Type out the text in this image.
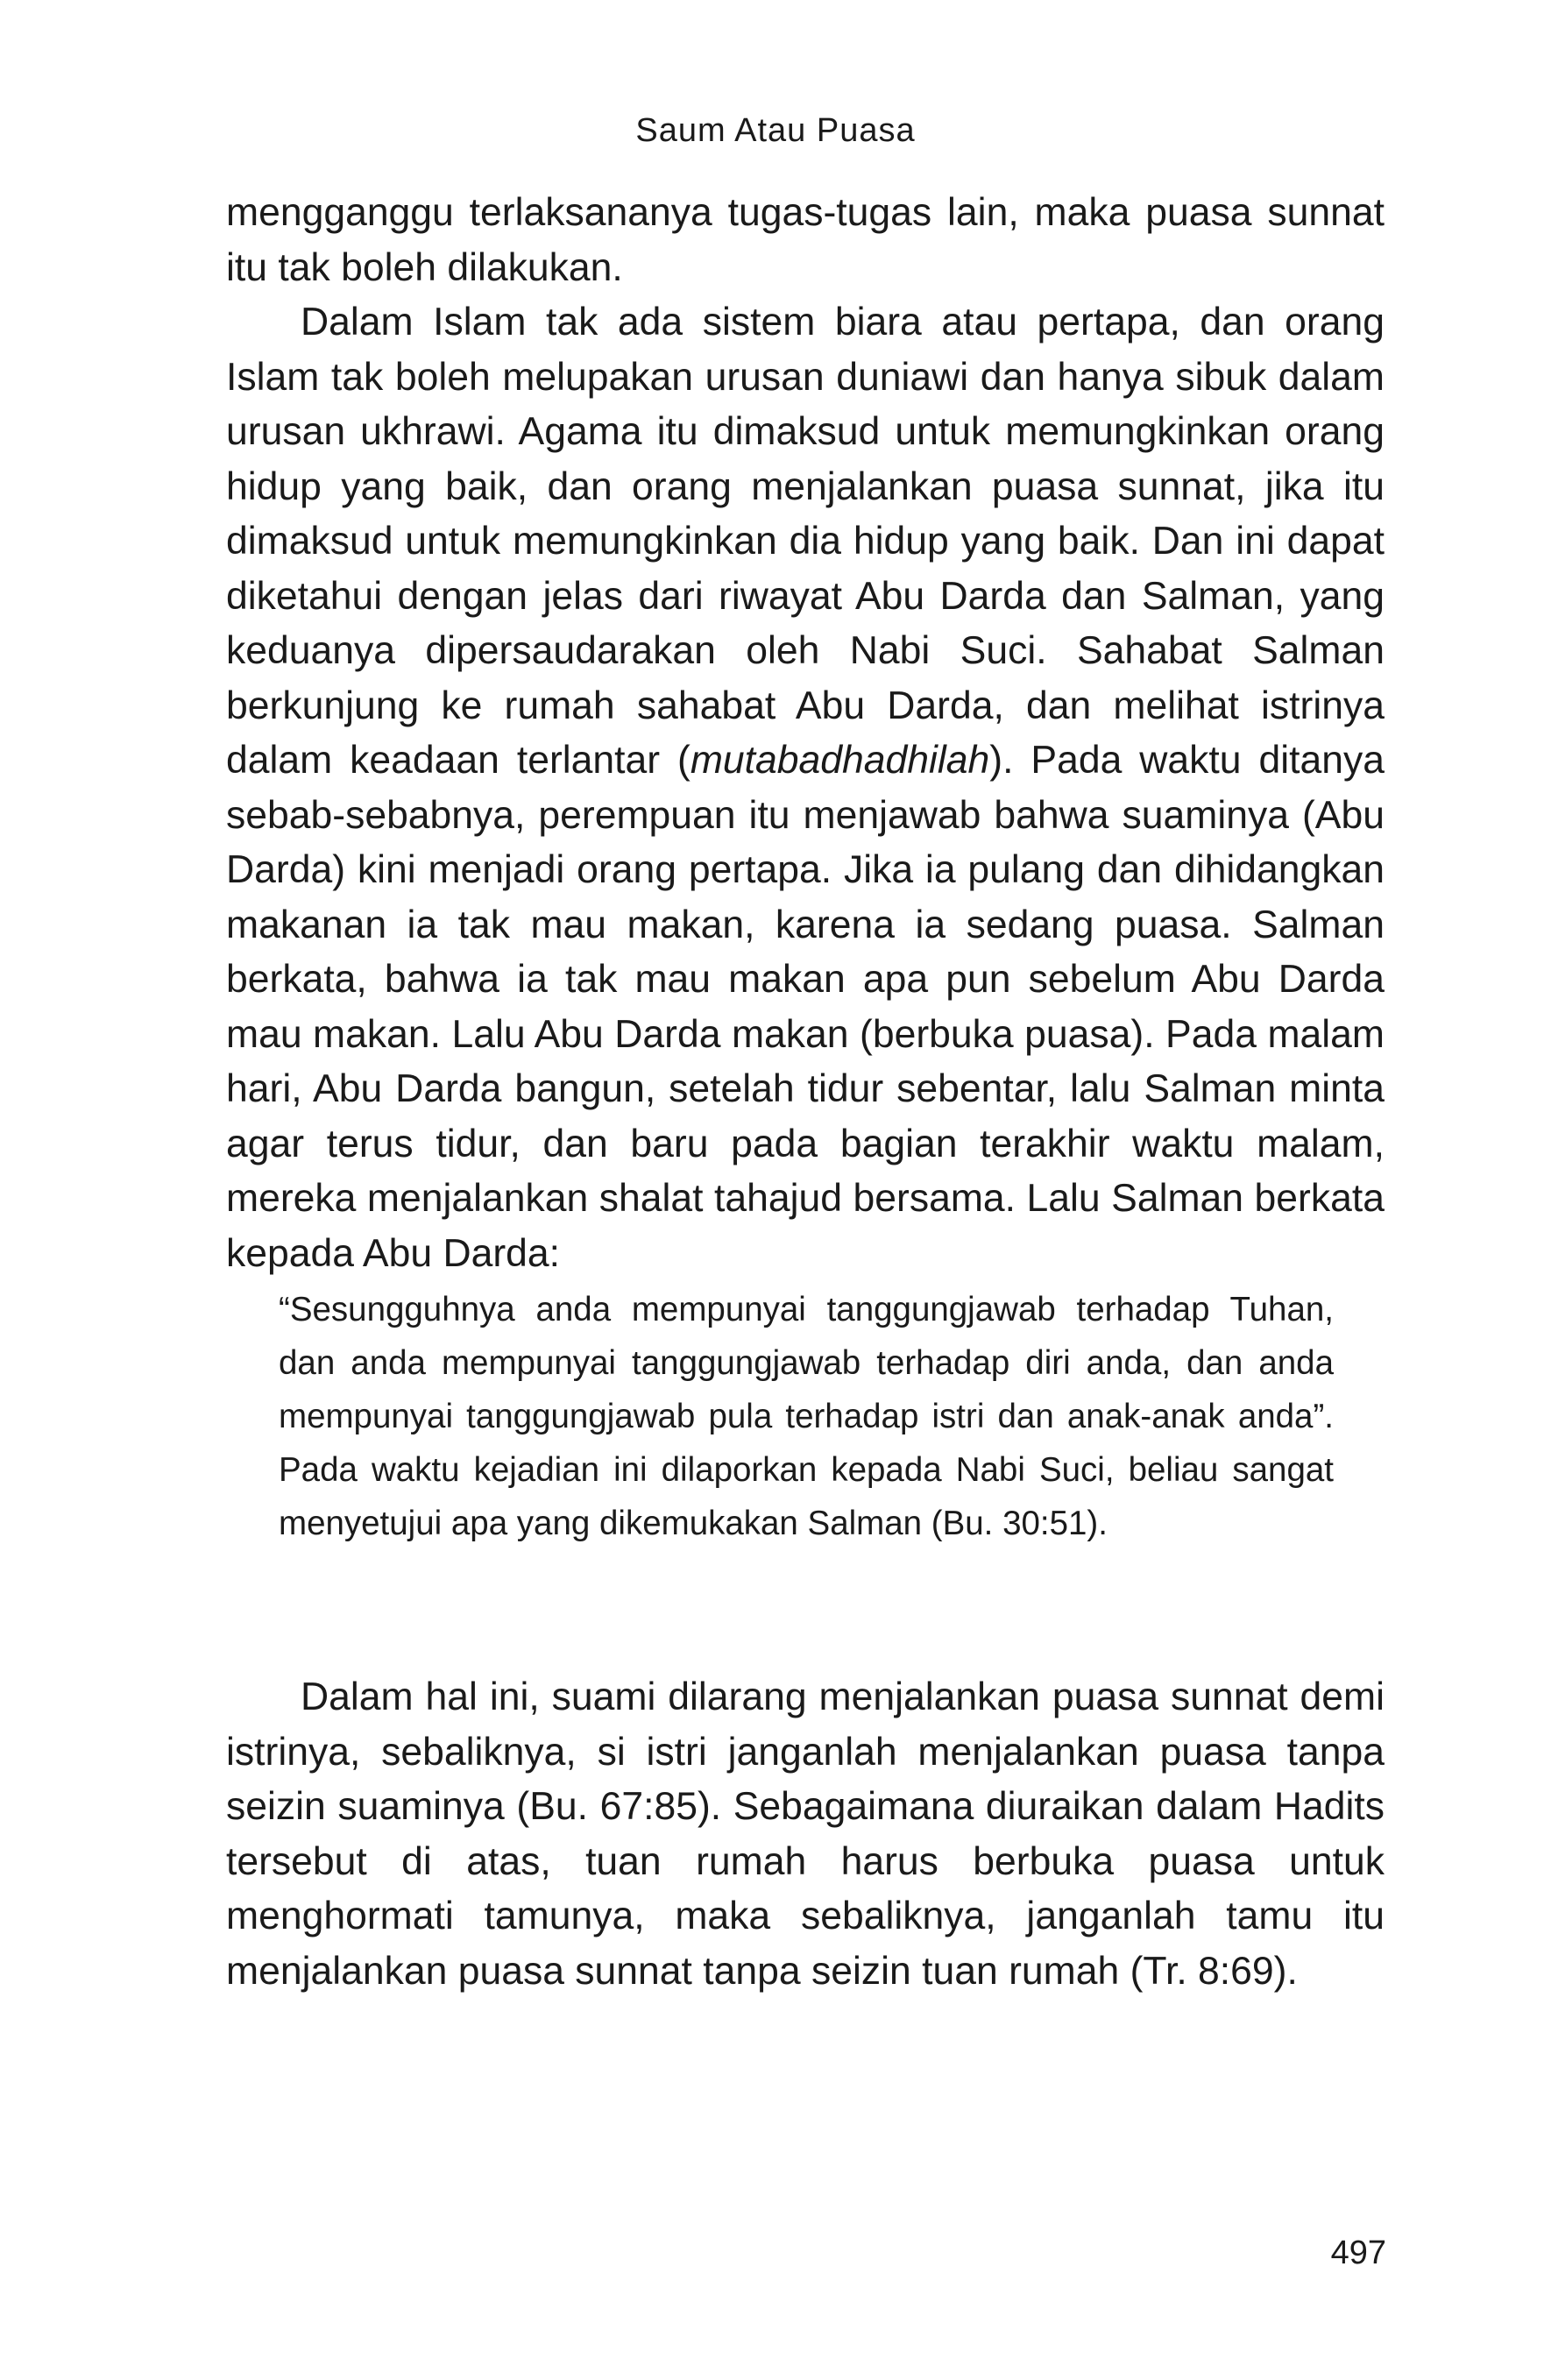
Saum Atau Puasa

mengganggu terlaksananya tugas-tugas lain, maka puasa sunnat itu tak boleh dilakukan.

Dalam Islam tak ada sistem biara atau pertapa, dan orang Islam tak boleh melupakan urusan duniawi dan hanya sibuk dalam urusan ukhrawi. Agama itu dimaksud untuk memungkinkan orang hidup yang baik, dan orang menjalankan puasa sunnat, jika itu dimaksud untuk memungkinkan dia hidup yang baik. Dan ini dapat diketahui dengan jelas dari riwayat Abu Darda dan Salman, yang keduanya dipersaudarakan oleh Nabi Suci. Sahabat Salman berkunjung ke rumah sahabat Abu Darda, dan melihat istrinya dalam keadaan terlantar (mutabadhadhilah). Pada waktu ditanya sebab-sebabnya, perempuan itu menjawab bahwa suaminya (Abu Darda) kini menjadi orang pertapa. Jika ia pulang dan dihidangkan makanan ia tak mau makan, karena ia sedang puasa. Salman berkata, bahwa ia tak mau makan apa pun sebelum Abu Darda mau makan. Lalu Abu Darda makan (berbuka puasa). Pada malam hari, Abu Darda bangun, setelah tidur sebentar, lalu Salman minta agar terus tidur, dan baru pada bagian terakhir waktu malam, mereka menjalankan shalat tahajud bersama. Lalu Salman berkata kepada Abu Darda:

“Sesungguhnya anda mempunyai tanggungjawab terhadap Tuhan, dan anda mempunyai tanggungjawab terhadap diri anda, dan anda mempunyai tanggungjawab pula terhadap istri dan anak-anak anda”. Pada waktu kejadian ini dilaporkan kepada Nabi Suci, beliau sangat menyetujui apa yang dikemukakan Salman (Bu. 30:51).

Dalam hal ini, suami dilarang menjalankan puasa sunnat demi istrinya, sebaliknya, si istri janganlah menjalankan puasa tanpa seizin suaminya (Bu. 67:85). Sebagaimana diuraikan dalam Hadits tersebut di atas, tuan rumah harus berbuka puasa untuk menghormati tamunya, maka sebaliknya, janganlah tamu itu menjalankan puasa sunnat tanpa seizin tuan rumah (Tr. 8:69).

497
